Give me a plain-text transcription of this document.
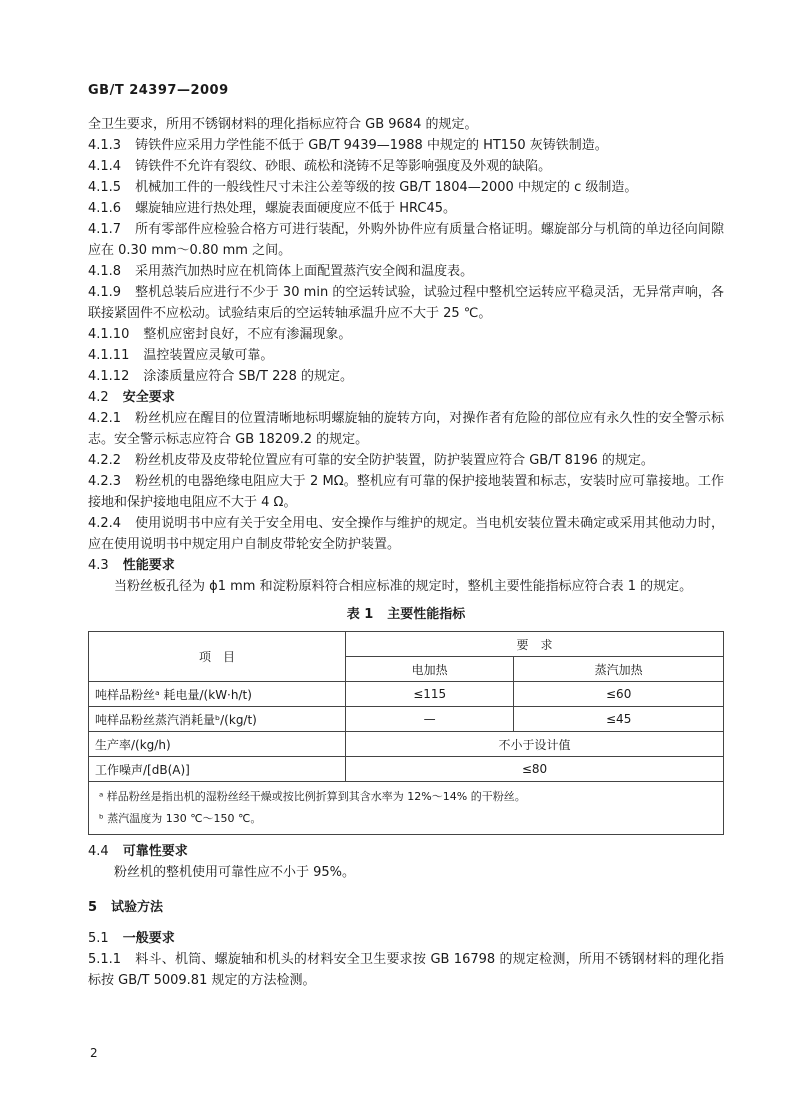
GB/T 24397—2009

全卫生要求，所用不锈钢材料的理化指标应符合 GB 9684 的规定。

4.1.3 铸铁件应采用力学性能不低于 GB/T 9439—1988 中规定的 HT150 灰铸铁制造。

4.1.4 铸铁件不允许有裂纹、砂眼、疏松和浇铸不足等影响强度及外观的缺陷。

4.1.5 机械加工件的一般线性尺寸未注公差等级的按 GB/T 1804—2000 中规定的 c 级制造。

4.1.6 螺旋轴应进行热处理，螺旋表面硬度应不低于 HRC45。

4.1.7 所有零部件应检验合格方可进行装配，外购外协件应有质量合格证明。螺旋部分与机筒的单边径向间隙应在 0.30 mm～0.80 mm 之间。

4.1.8 采用蒸汽加热时应在机筒体上面配置蒸汽安全阀和温度表。

4.1.9 整机总装后应进行不少于 30 min 的空运转试验，试验过程中整机空运转应平稳灵活，无异常声响，各联接紧固件不应松动。试验结束后的空运转轴承温升应不大于 25 ℃。

4.1.10 整机应密封良好，不应有渗漏现象。

4.1.11 温控装置应灵敏可靠。

4.1.12 涂漆质量应符合 SB/T 228 的规定。

4.2 安全要求

4.2.1 粉丝机应在醒目的位置清晰地标明螺旋轴的旋转方向，对操作者有危险的部位应有永久性的安全警示标志。安全警示标志应符合 GB 18209.2 的规定。

4.2.2 粉丝机皮带及皮带轮位置应有可靠的安全防护装置，防护装置应符合 GB/T 8196 的规定。

4.2.3 粉丝机的电器绝缘电阻应大于 2 MΩ。整机应有可靠的保护接地装置和标志，安装时应可靠接地。工作接地和保护接地电阻应不大于 4 Ω。

4.2.4 使用说明书中应有关于安全用电、安全操作与维护的规定。当电机安装位置未确定或采用其他动力时，应在使用说明书中规定用户自制皮带轮安全防护装置。

4.3 性能要求

当粉丝板孔径为 ϕ1 mm 和淀粉原料符合相应标准的规定时，整机主要性能指标应符合表 1 的规定。

表 1 主要性能指标
项　目	要　求	
	电加热	蒸汽加热
吨样品粉丝ᵃ 耗电量/(kW·h/t)	≤115	≤60
吨样品粉丝蒸汽消耗量ᵇ/(kg/t)	—	≤45
生产率/(kg/h)	不小于设计值	
工作噪声/[dB(A)]	≤80	

ᵃ 样品粉丝是指出机的湿粉丝经干燥或按比例折算到其含水率为 12%～14% 的干粉丝。
ᵇ 蒸汽温度为 130 ℃～150 ℃。		

4.4 可靠性要求

粉丝机的整机使用可靠性应不小于 95%。

5 试验方法

5.1 一般要求

5.1.1 料斗、机筒、螺旋轴和机头的材料安全卫生要求按 GB 16798 的规定检测，所用不锈钢材料的理化指标按 GB/T 5009.81 规定的方法检测。

2
